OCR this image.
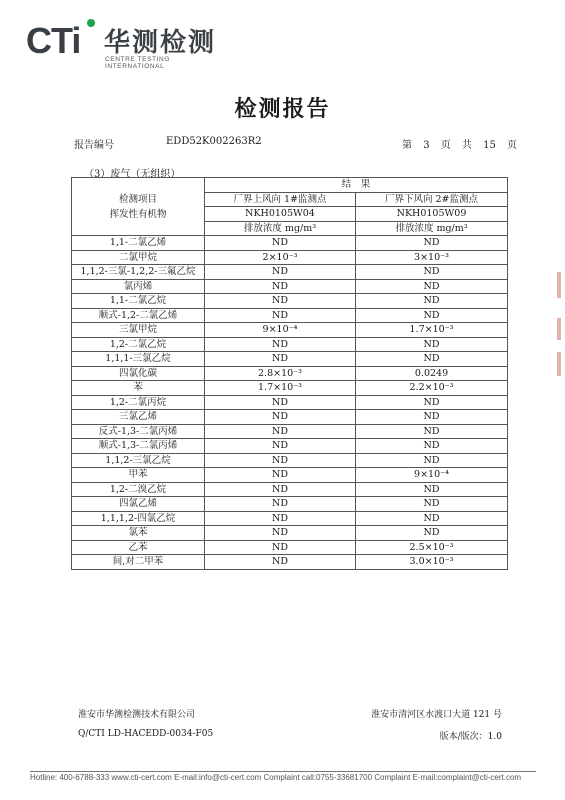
CTi 华测检测
CENTRE TESTING INTERNATIONAL
检测报告
报告编号	EDD52K002263R2	第 3 页 共 15 页
（3）废气（无组织）
检测项目
挥发性有机物	结　果	
	厂界上风向 1#监测点	厂界下风向 2#监测点
	NKH0105W04	NKH0105W09
	排放浓度 mg/m³	排放浓度 mg/m³
1,1-二氯乙烯	ND	ND
二氯甲烷	2×10⁻³	3×10⁻³
1,1,2-三氯-1,2,2-三氟乙烷	ND	ND
氯丙烯	ND	ND
1,1-二氯乙烷	ND	ND
顺式-1,2-二氯乙烯	ND	ND
三氯甲烷	9×10⁻⁴	1.7×10⁻³
1,2-二氯乙烷	ND	ND
1,1,1-三氯乙烷	ND	ND
四氯化碳	2.8×10⁻³	0.0249
苯	1.7×10⁻³	2.2×10⁻³
1,2-二氯丙烷	ND	ND
三氯乙烯	ND	ND
反式-1,3-二氯丙烯	ND	ND
顺式-1,3-二氯丙烯	ND	ND
1,1,2-三氯乙烷	ND	ND
甲苯	ND	9×10⁻⁴
1,2-二溴乙烷	ND	ND
四氯乙烯	ND	ND
1,1,1,2-四氯乙烷	ND	ND
氯苯	ND	ND
乙苯	ND	2.5×10⁻³
间,对二甲苯	ND	3.0×10⁻³
淮安市华测检测技术有限公司	淮安市清河区水渡口大道 121 号
Q/CTI LD-HACEDD-0034-F05	版本/版次：1.0
Hotline: 400-6788-333 www.cti-cert.com E-mail:info@cti-cert.com Complaint call:0755-33681700 Complaint E-mail:complaint@cti-cert.com
